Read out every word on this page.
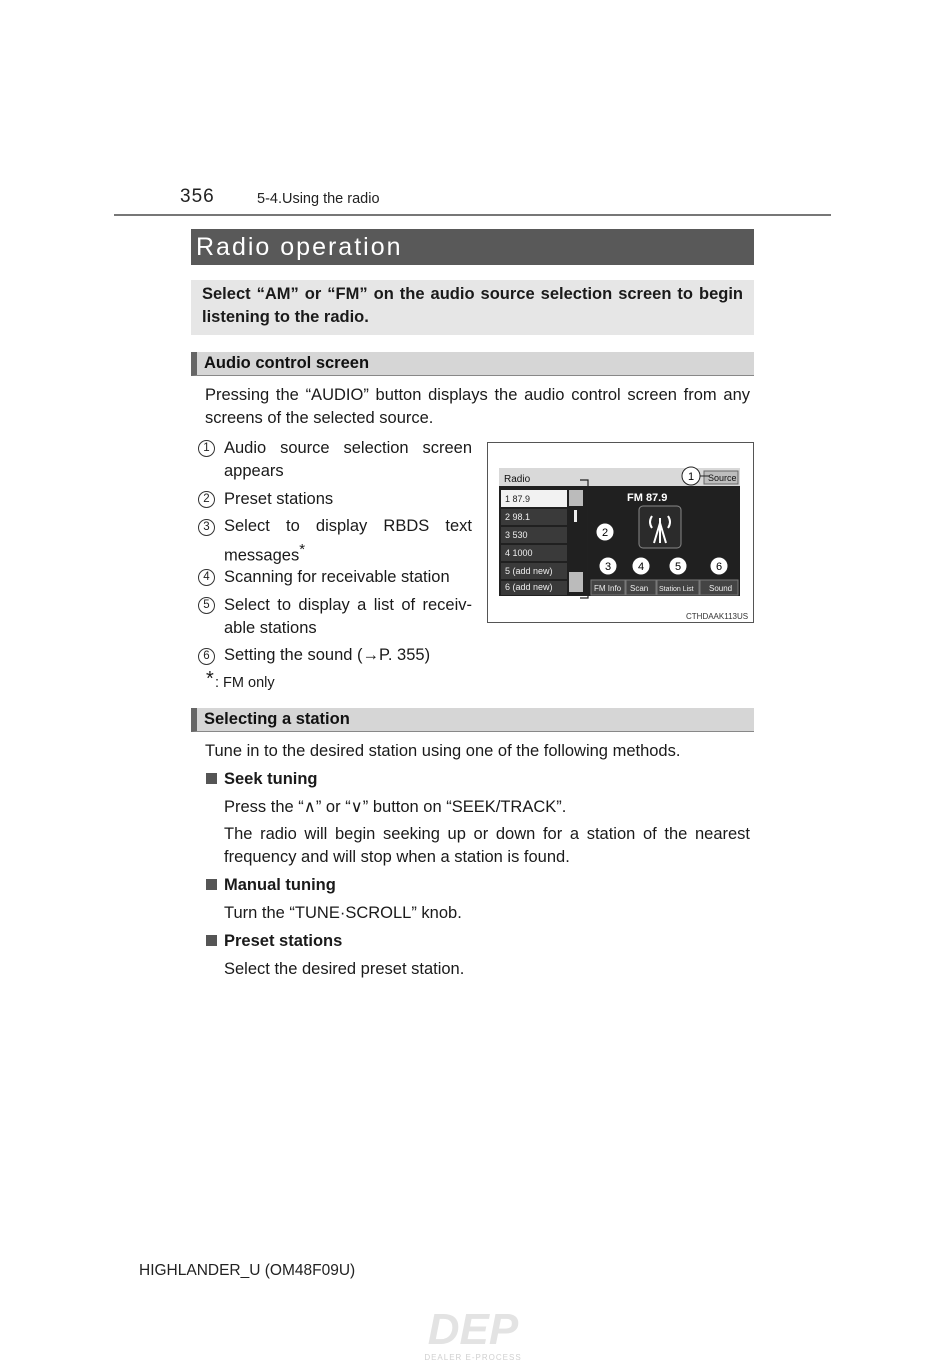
356	5-4.Using the radio
Radio operation

Select “AM” or “FM” on the audio source selection screen to begin listening to the radio.

Audio control screen
Pressing the “AUDIO” button displays the audio control screen from any screens of the selected source.
1 Audio source selection screen appears
2 Preset stations
3 Select to display RBDS text messages*
4 Scanning for receivable station
5 Select to display a list of receiv-able stations
6 Setting the sound (→P. 355)
* : FM only
Radio	Source
1 87.9
2 98.1
3 530
4 1000
5 (add new)
6 (add new)
FM 87.9
FM Info Scan Station List Sound
1
2
3 4	5	6
CTHDAAK113US
Selecting a station
Tune in to the desired station using one of the following methods.
Seek tuning
Press the “∧” or “∨” button on “SEEK/TRACK”.
The radio will begin seeking up or down for a station of the nearest frequency and will stop when a station is found.
Manual tuning
Turn the “TUNE·SCROLL” knob.
Preset stations
Select the desired preset station.
HIGHLANDER_U (OM48F09U)
DEP
DEALER E-PROCESS
